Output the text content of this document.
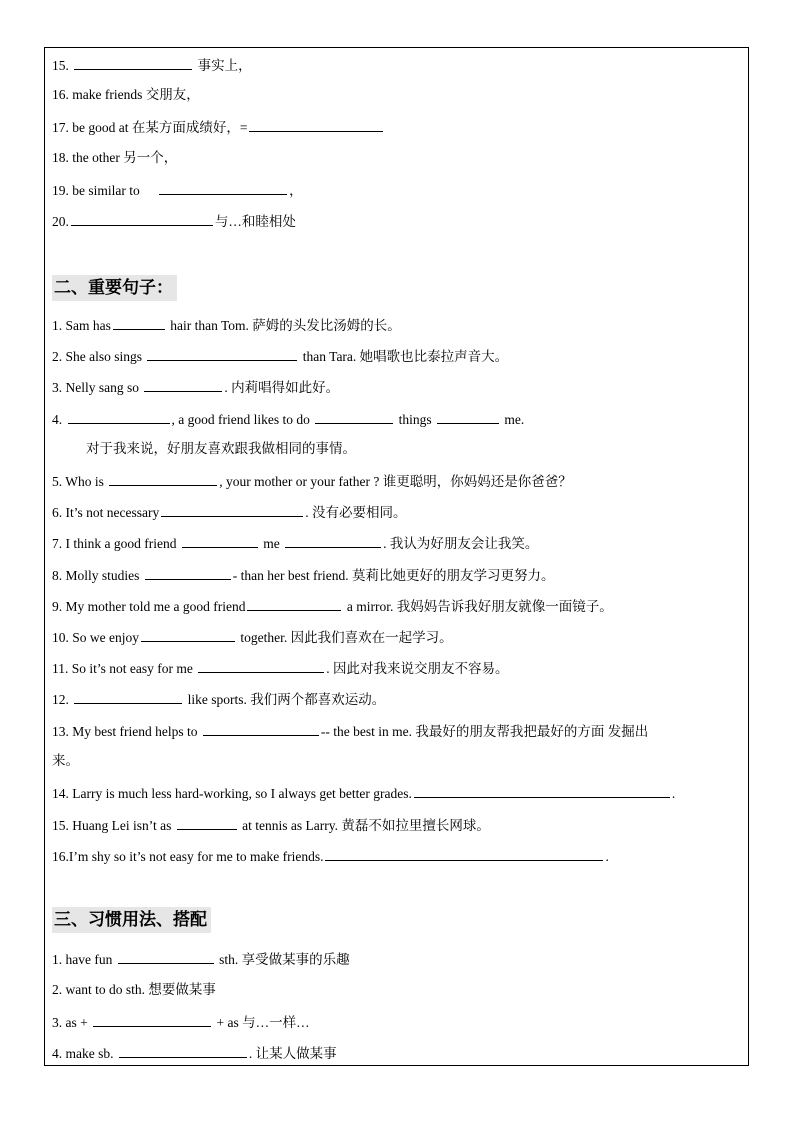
15.	事实上，
16. make friends 交朋友，
17. be good at 在某方面成绩好，=
18. the other 另一个，
19. be similar to	，
20.	与…和睦相处
二、重要句子：
1. Sam has	hair than Tom. 萨姆的头发比汤姆的长。
2. She also sings	than Tara. 她唱歌也比泰拉声音大。
3. Nelly sang so	. 内莉唱得如此好。
4.	, a good friend likes to do	things	me.
对于我来说，好朋友喜欢跟我做相同的事情。
5. Who is	, your mother or your father ? 谁更聪明，你妈妈还是你爸爸？
6. It’s not necessary	. 没有必要相同。
7. I think a good friend	me	. 我认为好朋友会让我笑。
8. Molly studies	- than her best friend. 莫莉比她更好的朋友学习更努力。
9. My mother told me a good friend	a mirror. 我妈妈告诉我好朋友就像一面镜子。
10. So we enjoy	together. 因此我们喜欢在一起学习。
11. So it’s not easy for me	. 因此对我来说交朋友不容易。
12.	like sports. 我们两个都喜欢运动。
13. My best friend helps to	-- the best in me. 我最好的朋友帮我把最好的方面 发掘出
来。
14. Larry is much less hard-working, so I always get better grades.	.
15. Huang Lei isn’t as	at tennis as Larry. 黄磊不如拉里擅长网球。
16.I’m shy so it’s not easy for me to make friends.	.
三、习惯用法、搭配
1. have fun	sth. 享受做某事的乐趣
2. want to do sth. 想要做某事
3. as +	+ as 与…一样…
4. make sb.	. 让某人做某事
